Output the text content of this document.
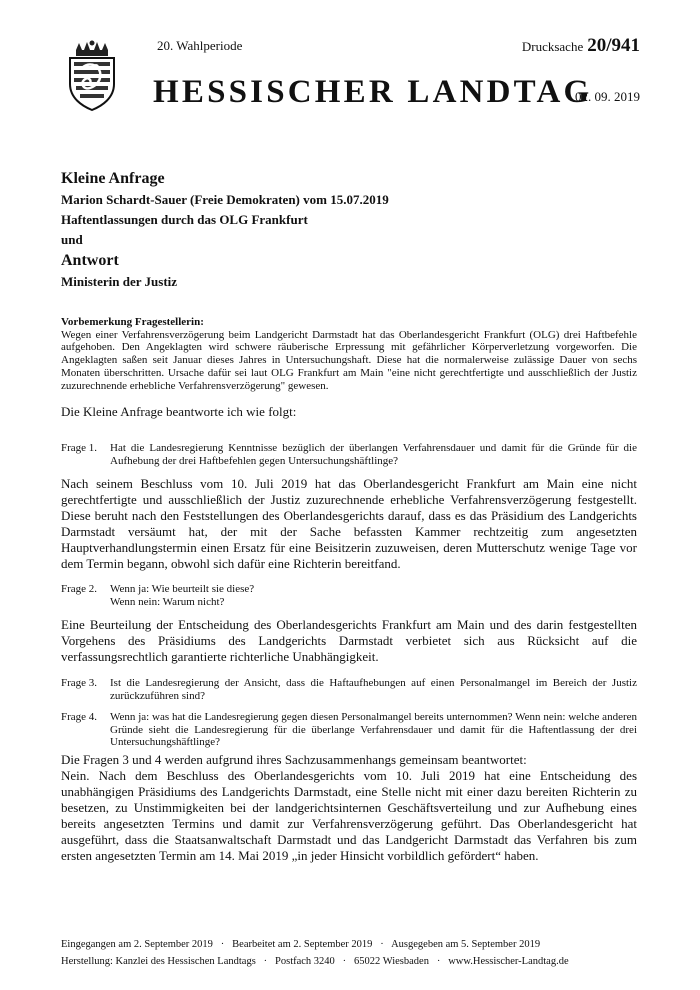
20. Wahlperiode
HESSISCHER LANDTAG
Drucksache 20/941
02. 09. 2019
Kleine Anfrage
Marion Schardt-Sauer (Freie Demokraten) vom 15.07.2019
Haftentlassungen durch das OLG Frankfurt
und
Antwort
Ministerin der Justiz
Vorbemerkung Fragestellerin:
Wegen einer Verfahrensverzögerung beim Landgericht Darmstadt hat das Oberlandesgericht Frankfurt (OLG) drei Haftbefehle aufgehoben. Den Angeklagten wird schwere räuberische Erpressung mit gefährlicher Körperverletzung vorgeworfen. Die Angeklagten saßen seit Januar dieses Jahres in Untersuchungshaft. Diese hat die normalerweise zulässige Dauer von sechs Monaten überschritten. Ursache dafür sei laut OLG Frankfurt am Main "eine nicht gerechtfertigte und ausschließlich der Justiz zuzurechnende erhebliche Verfahrensverzögerung" gewesen.
Die Kleine Anfrage beantworte ich wie folgt:
Frage 1. Hat die Landesregierung Kenntnisse bezüglich der überlangen Verfahrensdauer und damit für die Gründe für die Aufhebung der drei Haftbefehlen gegen Untersuchungshäftlinge?
Nach seinem Beschluss vom 10. Juli 2019 hat das Oberlandesgericht Frankfurt am Main eine nicht gerechtfertigte und ausschließlich der Justiz zuzurechnende erhebliche Verfahrensverzögerung festgestellt. Diese beruht nach den Feststellungen des Oberlandesgerichts darauf, dass es das Präsidium des Landgerichts Darmstadt versäumt hat, der mit der Sache befassten Kammer rechtzeitig zum angesetzten Hauptverhandlungstermin einen Ersatz für eine Beisitzerin zuzuweisen, deren Mutterschutz wenige Tage vor dem Termin begann, obwohl sich dafür eine Richterin bereitfand.
Frage 2. Wenn ja: Wie beurteilt sie diese?
Wenn nein: Warum nicht?
Eine Beurteilung der Entscheidung des Oberlandesgerichts Frankfurt am Main und des darin festgestellten Vorgehens des Präsidiums des Landgerichts Darmstadt verbietet sich aus Rücksicht auf die verfassungsrechtlich garantierte richterliche Unabhängigkeit.
Frage 3. Ist die Landesregierung der Ansicht, dass die Haftaufhebungen auf einen Personalmangel im Bereich der Justiz zurückzuführen sind?
Frage 4. Wenn ja: was hat die Landesregierung gegen diesen Personalmangel bereits unternommen? Wenn nein: welche anderen Gründe sieht die Landesregierung für die überlange Verfahrensdauer und damit für die Haftentlassung der drei Untersuchungshäftlinge?
Die Fragen 3 und 4 werden aufgrund ihres Sachzusammenhangs gemeinsam beantwortet:
Nein. Nach dem Beschluss des Oberlandesgerichts vom 10. Juli 2019 hat eine Entscheidung des unabhängigen Präsidiums des Landgerichts Darmstadt, eine Stelle nicht mit einer dazu bereiten Richterin zu besetzen, zu Unstimmigkeiten bei der landgerichtsinternen Geschäftsverteilung und zur Aufhebung eines bereits angesetzten Termins und damit zur Verfahrensverzögerung geführt. Das Oberlandesgericht hat ausgeführt, dass die Staatsanwaltschaft Darmstadt und das Landgericht Darmstadt das Verfahren bis zum ersten angesetzten Termin am 14. Mai 2019 „in jeder Hinsicht vorbildlich gefördert“ haben.
Eingegangen am 2. September 2019   ·   Bearbeitet am 2. September 2019   ·   Ausgegeben am 5. September 2019
Herstellung: Kanzlei des Hessischen Landtags   ·   Postfach 3240   ·   65022 Wiesbaden   ·   www.Hessischer-Landtag.de
